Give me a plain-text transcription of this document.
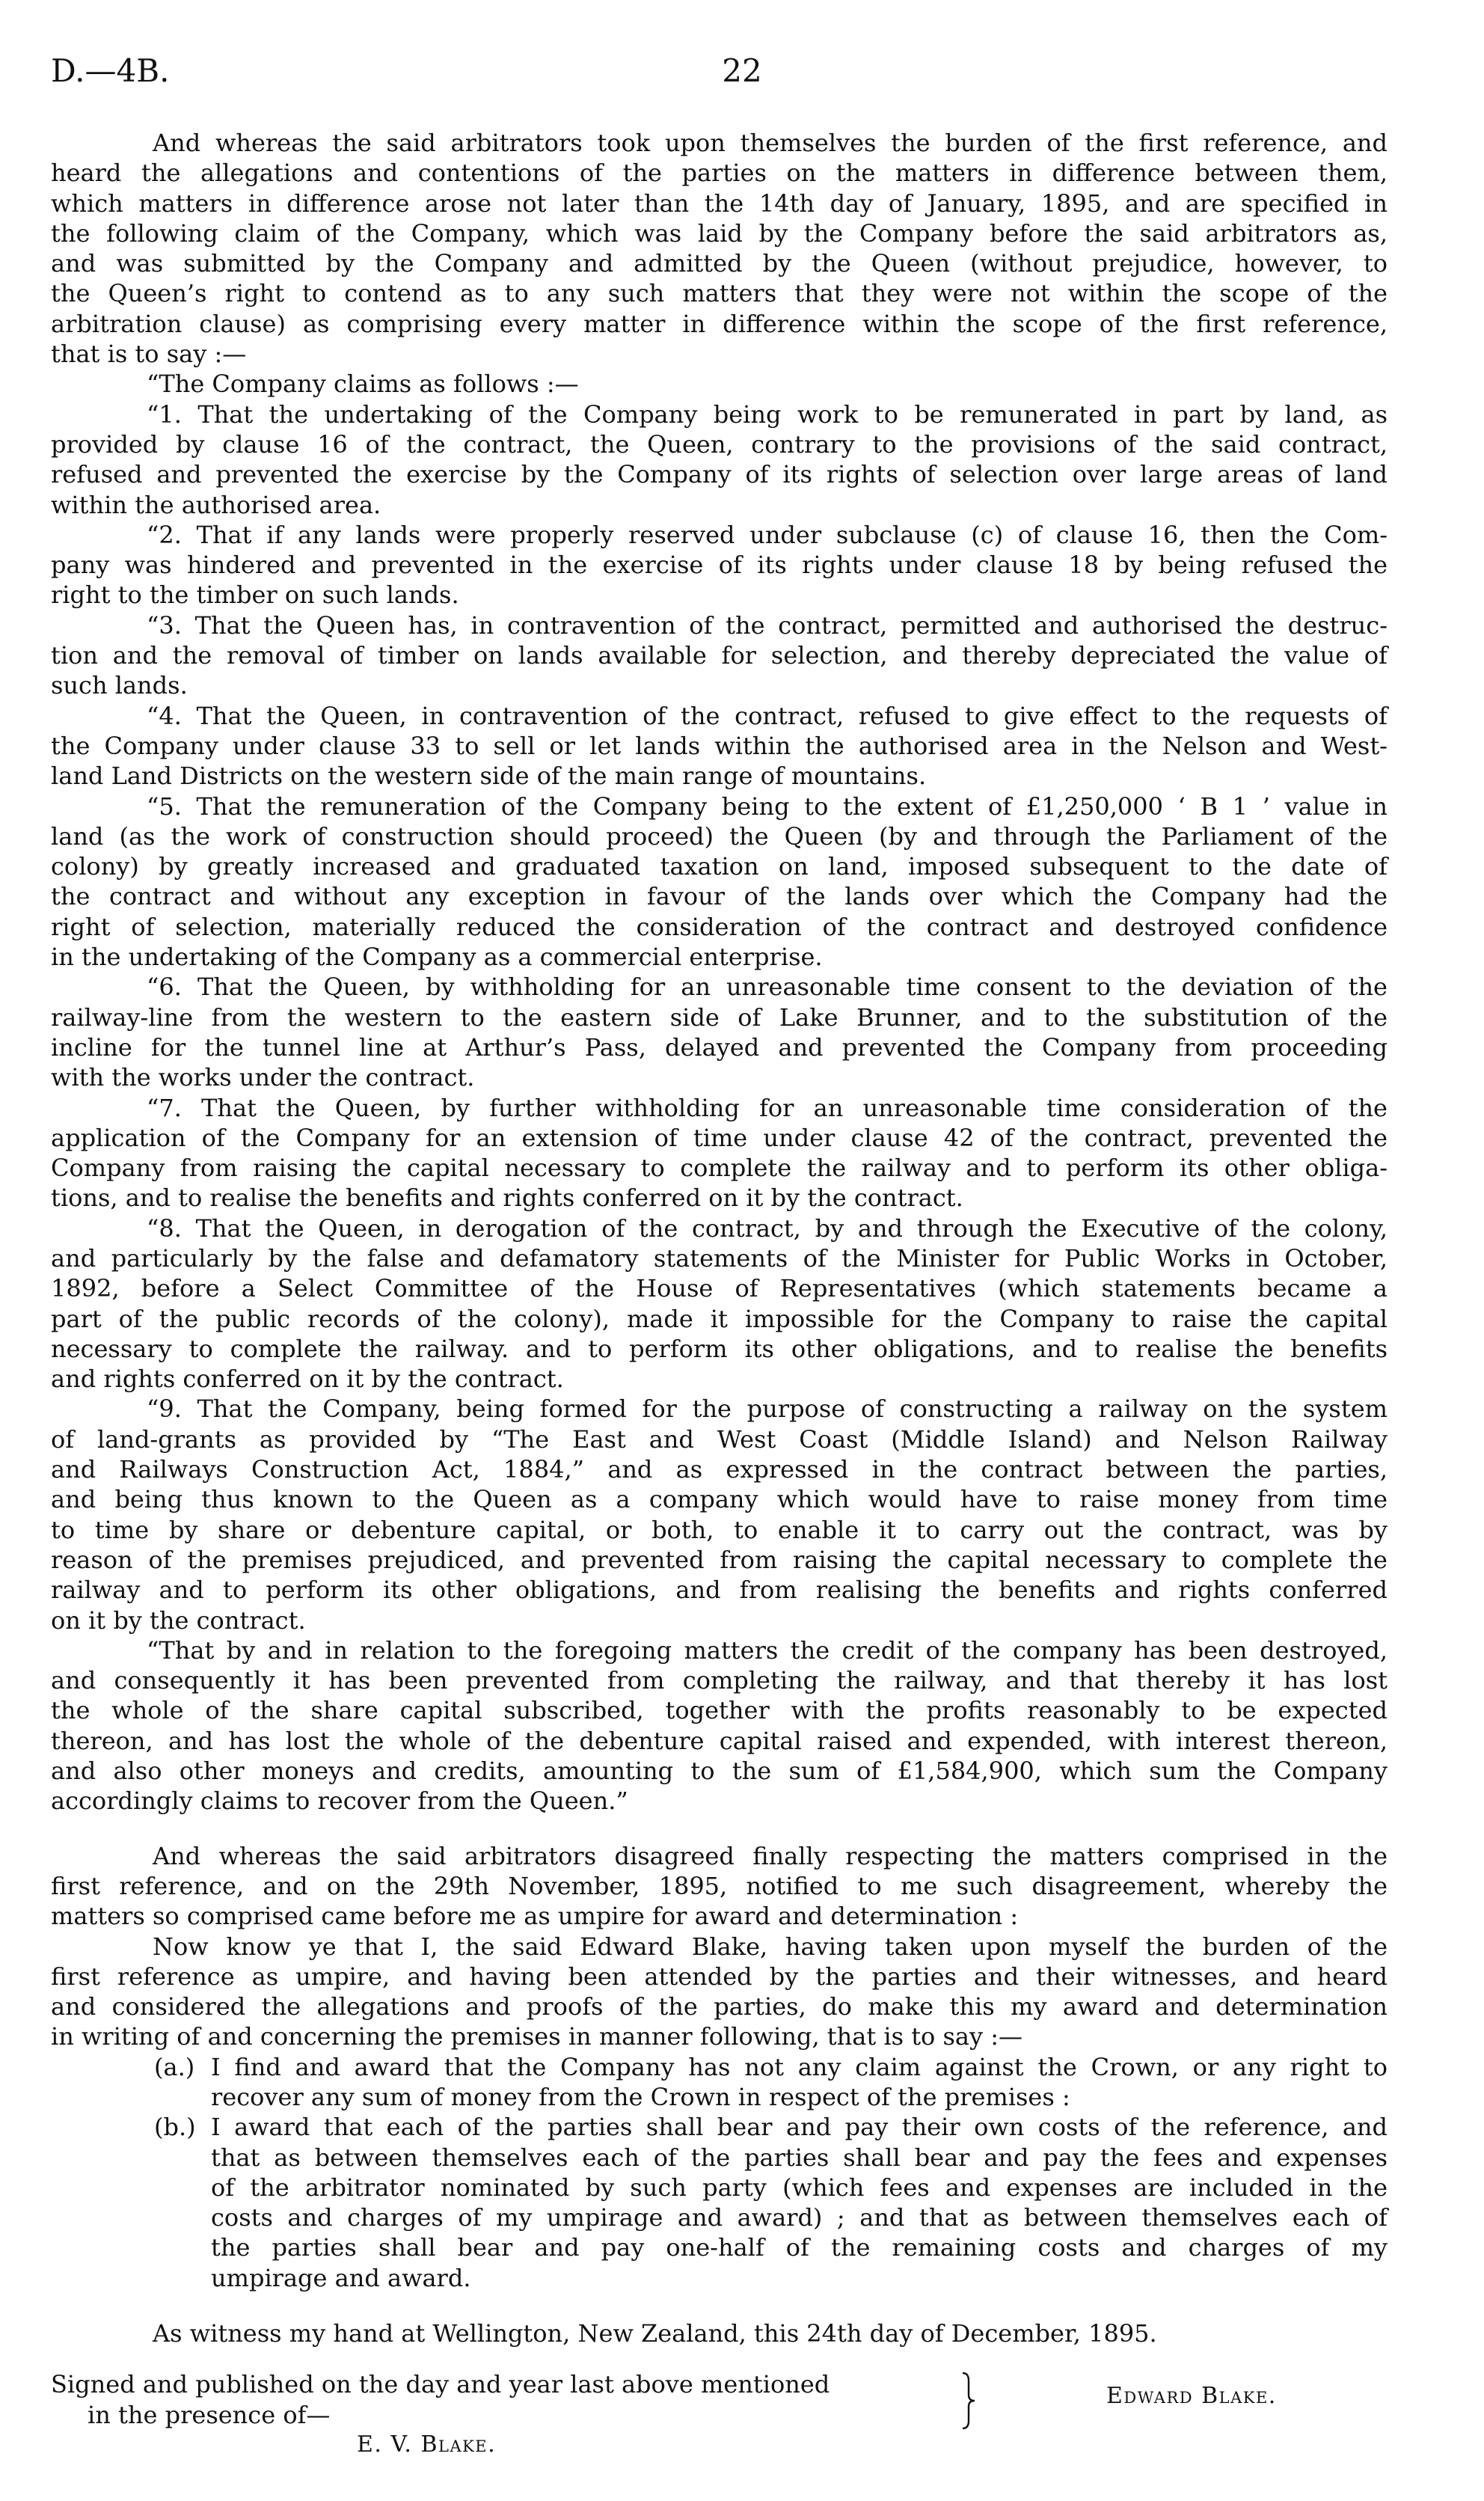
D.—4B.	22
And whereas the said arbitrators took upon themselves the burden of the first reference, and
heard the allegations and contentions of the parties on the matters in difference between them,
which matters in difference arose not later than the 14th day of January, 1895, and are specified in
the following claim of the Company, which was laid by the Company before the said arbitrators as,
and was submitted by the Company and admitted by the Queen (without prejudice, however, to
the Queen’s right to contend as to any such matters that they were not within the scope of the
arbitration clause) as comprising every matter in difference within the scope of the first reference,
that is to say :—
“The Company claims as follows :—
“1. That the undertaking of the Company being work to be remunerated in part by land, as
provided by clause 16 of the contract, the Queen, contrary to the provisions of the said contract,
refused and prevented the exercise by the Company of its rights of selection over large areas of land
within the authorised area.
“2. That if any lands were properly reserved under subclause (c) of clause 16, then the Com-
pany was hindered and prevented in the exercise of its rights under clause 18 by being refused the
right to the timber on such lands.
“3. That the Queen has, in contravention of the contract, permitted and authorised the destruc-
tion and the removal of timber on lands available for selection, and thereby depreciated the value of
such lands.
“4. That the Queen, in contravention of the contract, refused to give effect to the requests of
the Company under clause 33 to sell or let lands within the authorised area in the Nelson and West-
land Land Districts on the western side of the main range of mountains.
“5. That the remuneration of the Company being to the extent of £1,250,000 ‘ B 1 ’ value in
land (as the work of construction should proceed) the Queen (by and through the Parliament of the
colony) by greatly increased and graduated taxation on land, imposed subsequent to the date of
the contract and without any exception in favour of the lands over which the Company had the
right of selection, materially reduced the consideration of the contract and destroyed confidence
in the undertaking of the Company as a commercial enterprise.
“6. That the Queen, by withholding for an unreasonable time consent to the deviation of the
railway-line from the western to the eastern side of Lake Brunner, and to the substitution of the
incline for the tunnel line at Arthur’s Pass, delayed and prevented the Company from proceeding
with the works under the contract.
“7. That the Queen, by further withholding for an unreasonable time consideration of the
application of the Company for an extension of time under clause 42 of the contract, prevented the
Company from raising the capital necessary to complete the railway and to perform its other obliga-
tions, and to realise the benefits and rights conferred on it by the contract.
“8. That the Queen, in derogation of the contract, by and through the Executive of the colony,
and particularly by the false and defamatory statements of the Minister for Public Works in October,
1892, before a Select Committee of the House of Representatives (which statements became a
part of the public records of the colony), made it impossible for the Company to raise the capital
necessary to complete the railway. and to perform its other obligations, and to realise the benefits
and rights conferred on it by the contract.
“9. That the Company, being formed for the purpose of constructing a railway on the system
of land-grants as provided by “The East and West Coast (Middle Island) and Nelson Railway
and Railways Construction Act, 1884,” and as expressed in the contract between the parties,
and being thus known to the Queen as a company which would have to raise money from time
to time by share or debenture capital, or both, to enable it to carry out the contract, was by
reason of the premises prejudiced, and prevented from raising the capital necessary to complete the
railway and to perform its other obligations, and from realising the benefits and rights conferred
on it by the contract.
“That by and in relation to the foregoing matters the credit of the company has been destroyed,
and consequently it has been prevented from completing the railway, and that thereby it has lost
the whole of the share capital subscribed, together with the profits reasonably to be expected
thereon, and has lost the whole of the debenture capital raised and expended, with interest thereon,
and also other moneys and credits, amounting to the sum of £1,584,900, which sum the Company
accordingly claims to recover from the Queen.”
And whereas the said arbitrators disagreed finally respecting the matters comprised in the
first reference, and on the 29th November, 1895, notified to me such disagreement, whereby the
matters so comprised came before me as umpire for award and determination :
Now know ye that I, the said Edward Blake, having taken upon myself the burden of the
first reference as umpire, and having been attended by the parties and their witnesses, and heard
and considered the allegations and proofs of the parties, do make this my award and determination
in writing of and concerning the premises in manner following, that is to say :—
(a.) I find and award that the Company has not any claim against the Crown, or any right to
recover any sum of money from the Crown in respect of the premises :
(b.) I award that each of the parties shall bear and pay their own costs of the reference, and
that as between themselves each of the parties shall bear and pay the fees and expenses
of the arbitrator nominated by such party (which fees and expenses are included in the
costs and charges of my umpirage and award) ; and that as between themselves each of
the parties shall bear and pay one-half of the remaining costs and charges of my
umpirage and award.
As witness my hand at Wellington, New Zealand, this 24th day of December, 1895.
Signed and published on the day and year last above mentioned
in the presence of—
E. V. Blake.
Edward Blake.
